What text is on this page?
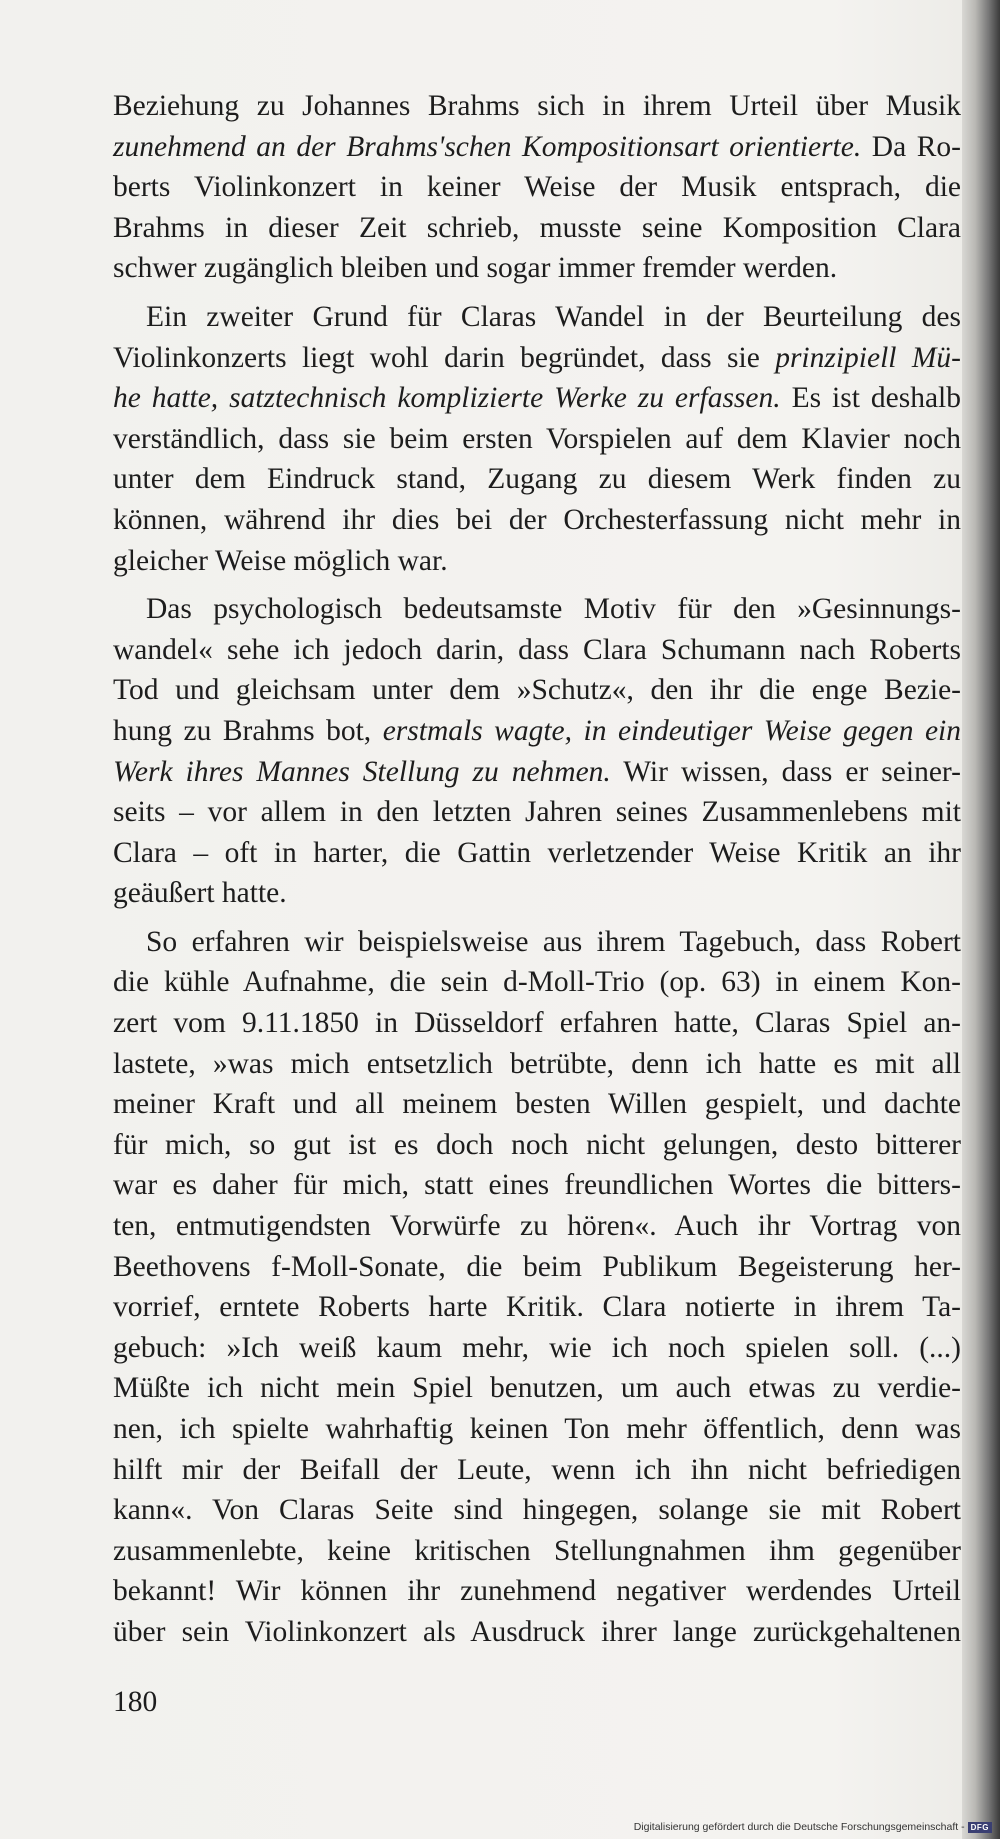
Beziehung zu Johannes Brahms sich in ihrem Urteil über Musik
zunehmend an der Brahms'schen Kompositionsart orientierte. Da Ro-
berts Violinkonzert in keiner Weise der Musik entsprach, die
Brahms in dieser Zeit schrieb, musste seine Komposition Clara
schwer zugänglich bleiben und sogar immer fremder werden.
Ein zweiter Grund für Claras Wandel in der Beurteilung des
Violinkonzerts liegt wohl darin begründet, dass sie prinzipiell Mü-
he hatte, satztechnisch komplizierte Werke zu erfassen. Es ist deshalb
verständlich, dass sie beim ersten Vorspielen auf dem Klavier noch
unter dem Eindruck stand, Zugang zu diesem Werk finden zu
können, während ihr dies bei der Orchesterfassung nicht mehr in
gleicher Weise möglich war.
Das psychologisch bedeutsamste Motiv für den »Gesinnungs-
wandel« sehe ich jedoch darin, dass Clara Schumann nach Roberts
Tod und gleichsam unter dem »Schutz«, den ihr die enge Bezie-
hung zu Brahms bot, erstmals wagte, in eindeutiger Weise gegen ein
Werk ihres Mannes Stellung zu nehmen. Wir wissen, dass er seiner-
seits – vor allem in den letzten Jahren seines Zusammenlebens mit
Clara – oft in harter, die Gattin verletzender Weise Kritik an ihr
geäußert hatte.
So erfahren wir beispielsweise aus ihrem Tagebuch, dass Robert
die kühle Aufnahme, die sein d-Moll-Trio (op. 63) in einem Kon-
zert vom 9.11.1850 in Düsseldorf erfahren hatte, Claras Spiel an-
lastete, »was mich entsetzlich betrübte, denn ich hatte es mit all
meiner Kraft und all meinem besten Willen gespielt, und dachte
für mich, so gut ist es doch noch nicht gelungen, desto bitterer
war es daher für mich, statt eines freundlichen Wortes die bitters-
ten, entmutigendsten Vorwürfe zu hören«. Auch ihr Vortrag von
Beethovens f-Moll-Sonate, die beim Publikum Begeisterung her-
vorrief, erntete Roberts harte Kritik. Clara notierte in ihrem Ta-
gebuch: »Ich weiß kaum mehr, wie ich noch spielen soll. (...)
Müßte ich nicht mein Spiel benutzen, um auch etwas zu verdie-
nen, ich spielte wahrhaftig keinen Ton mehr öffentlich, denn was
hilft mir der Beifall der Leute, wenn ich ihn nicht befriedigen
kann«. Von Claras Seite sind hingegen, solange sie mit Robert
zusammenlebte, keine kritischen Stellungnahmen ihm gegenüber
bekannt! Wir können ihr zunehmend negativer werdendes Urteil
über sein Violinkonzert als Ausdruck ihrer lange zurückgehaltenen
180
Digitalisierung gefördert durch die Deutsche Forschungsgemeinschaft - DFG
